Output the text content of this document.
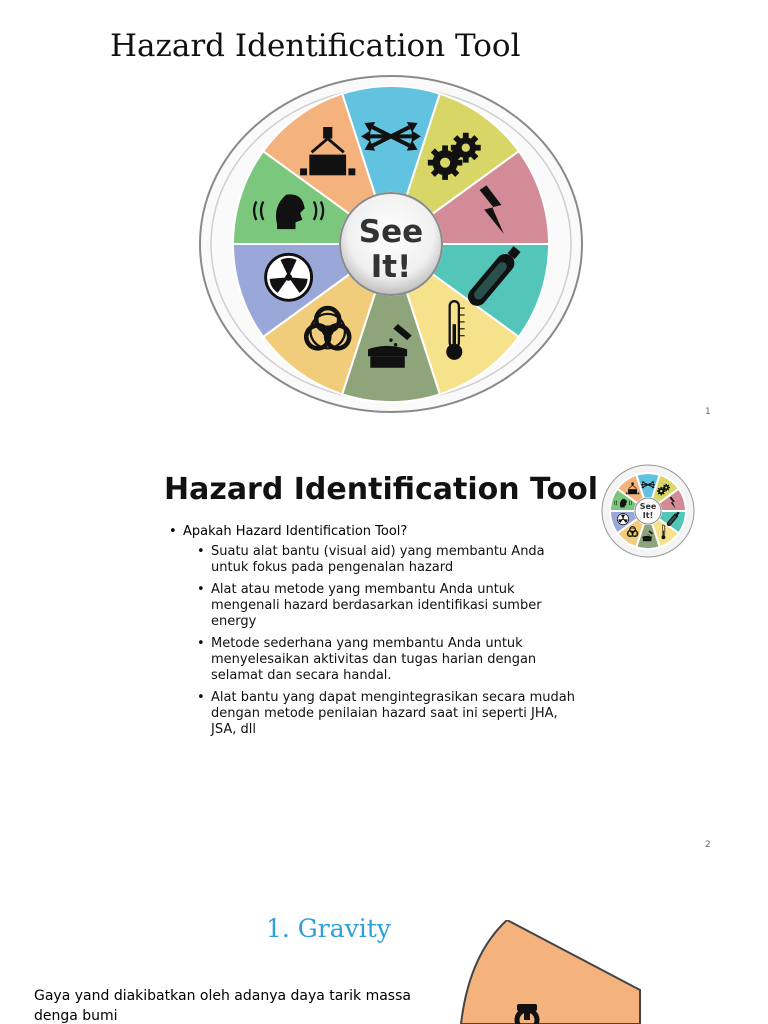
Hazard Identification Tool
See
It!
1
Hazard Identification Tool	See
It!
• Apakah Hazard Identification Tool?
• Suatu alat bantu (visual aid) yang membantu Anda untuk fokus pada pengenalan hazard
• Alat atau metode yang membantu Anda untuk mengenali hazard berdasarkan identifikasi sumber energy
• Metode sederhana yang membantu Anda untuk menyelesaikan aktivitas dan tugas harian dengan selamat dan secara handal.
• Alat bantu yang dapat mengintegrasikan secara mudah dengan metode penilaian hazard saat ini seperti JHA, JSA, dll
2
1. Gravity

Gaya yand diakibatkan oleh adanya daya tarik massa denga bumi
